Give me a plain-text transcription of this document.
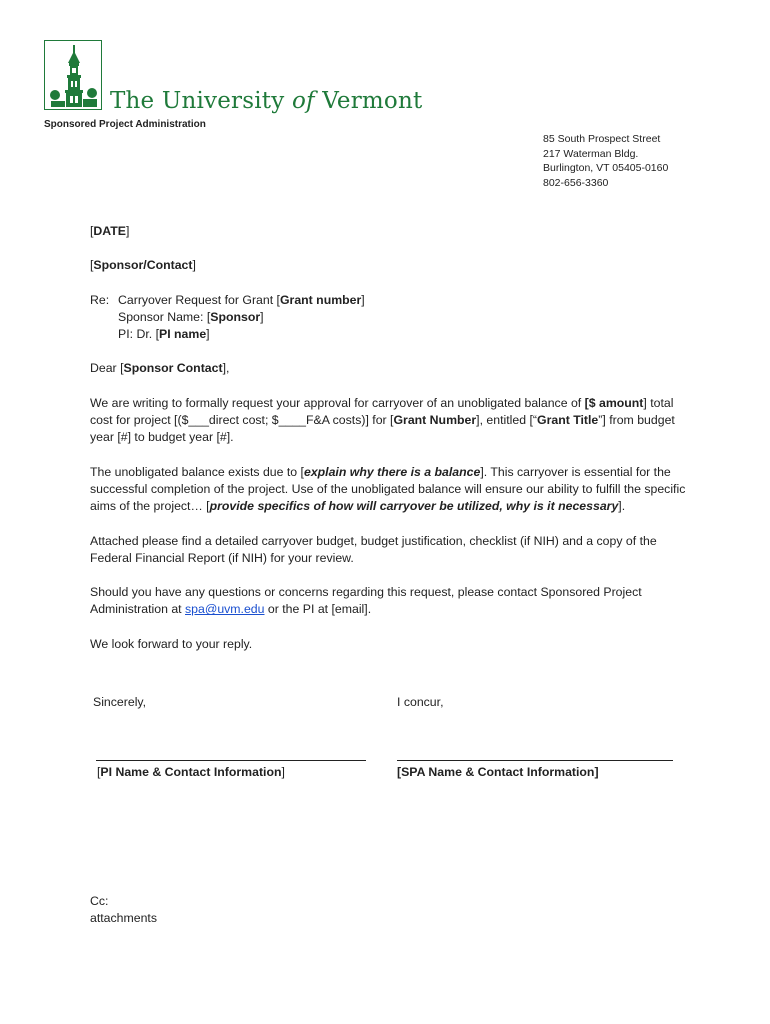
The University of Vermont
Sponsored Project Administration
85 South Prospect Street
217 Waterman Bldg.
Burlington, VT 05405-0160
802-656-3360

[DATE]

[Sponsor/Contact]

Re: Carryover Request for Grant [Grant number]
Sponsor Name: [Sponsor]
PI: Dr. [PI name]

Dear [Sponsor Contact],

We are writing to formally request your approval for carryover of an unobligated balance of [$ amount] total cost for project [($___direct cost; $____F&A costs)] for [Grant Number], entitled [“Grant Title”] from budget year [#] to budget year [#].

The unobligated balance exists due to [explain why there is a balance]. This carryover is essential for the successful completion of the project. Use of the unobligated balance will ensure our ability to fulfill the specific aims of the project… [provide specifics of how will carryover be utilized, why is it necessary].

Attached please find a detailed carryover budget, budget justification, checklist (if NIH) and a copy of the Federal Financial Report (if NIH) for your review.

Should you have any questions or concerns regarding this request, please contact Sponsored Project Administration at spa@uvm.edu or the PI at [email].

We look forward to your reply.

Sincerely,	I concur,
[PI Name & Contact Information]	[SPA Name & Contact Information]
Cc:
attachments
